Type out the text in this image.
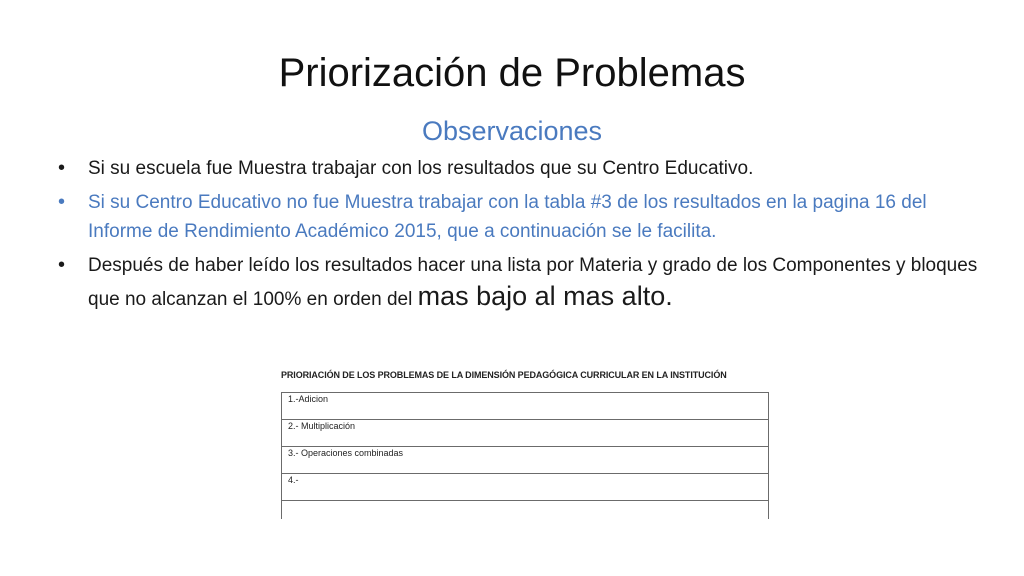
Priorización de Problemas
Observaciones
• Si su escuela fue Muestra trabajar con los resultados que su Centro Educativo.
• Si su Centro Educativo no fue Muestra trabajar con la tabla #3 de los resultados en la pagina 16 del Informe de Rendimiento Académico 2015, que a continuación se le facilita.
• Después de haber leído los resultados hacer una lista por Materia y grado de los Componentes y bloques que no alcanzan el 100% en orden del mas bajo al mas alto.
PRIORIACIÓN DE LOS PROBLEMAS DE LA DIMENSIÓN PEDAGÓGICA CURRICULAR EN LA INSTITUCIÓN
1.-Adicion
2.- Multiplicación
3.- Operaciones combinadas
4.-
